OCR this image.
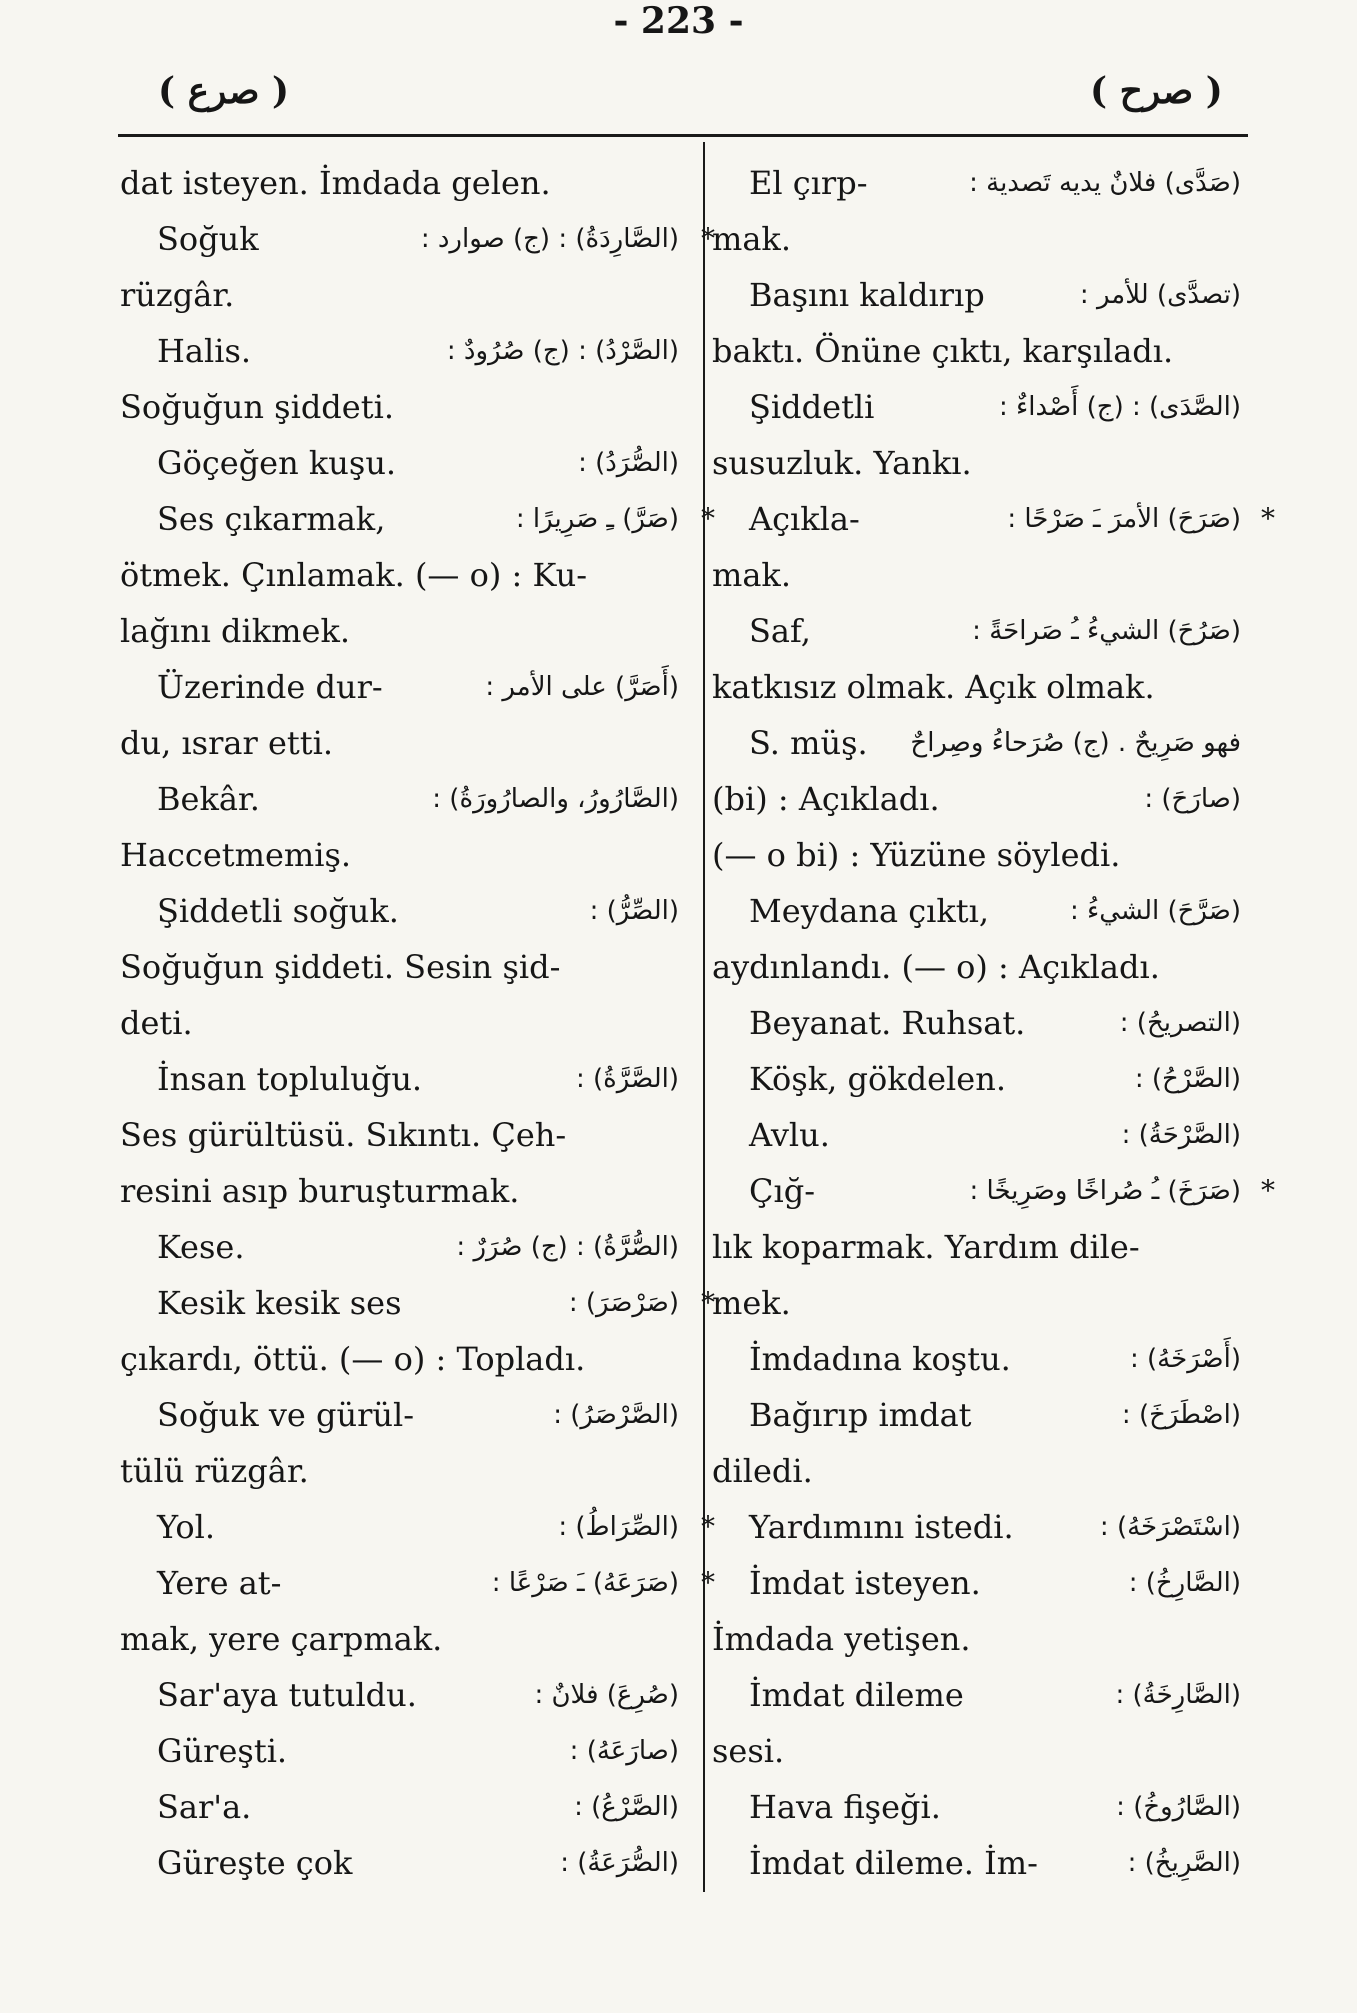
( صرع )
- 223 -
( صرح )
dat isteyen. İmdada gelen.
Soğuk	(الصَّارِدَةُ) : (ج) صوارد : *
rüzgâr.
Halis.	(الصَّرْدُ) : (ج) صُرُودٌ :
Soğuğun şiddeti.
Göçeğen kuşu.	(الصُّرَدُ) :
Ses çıkarmak,	(صَرَّ) ـِ صَرِيرًا : *
ötmek. Çınlamak. (— o) : Ku-
lağını dikmek.
Üzerinde dur-	(أَصَرَّ) على الأمر :
du, ısrar etti.
Bekâr.	(الصَّارُورُ، والصارُورَةُ) :
Haccetmemiş.
Şiddetli soğuk.	(الصِّرُّ) :
Soğuğun şiddeti. Sesin şid-
deti.
İnsan topluluğu.	(الصَّرَّةُ) :
Ses gürültüsü. Sıkıntı. Çeh-
resini asıp buruşturmak.
Kese.	(الصُّرَّةُ) : (ج) صُرَرٌ :
Kesik kesik ses	(صَرْصَرَ) : *
çıkardı, öttü. (— o) : Topladı.
Soğuk ve gürül-	(الصَّرْصَرُ) :
tülü rüzgâr.
Yol.	(الصِّرَاطُ) : *
Yere at-	(صَرَعَهُ) ـَ صَرْعًا : *
mak, yere çarpmak.
Sar'aya tutuldu.	(صُرِعَ) فلانٌ :
Güreşti.	(صارَعَهُ) :
Sar'a.	(الصَّرْعُ) :
Güreşte çok	(الصُّرَعَةُ) :
El çırp-	(صَدَّى) فلانٌ يديه تَصدية :
mak.
Başını kaldırıp	(تصدَّى) للأمر :
baktı. Önüne çıktı, karşıladı.
Şiddetli	(الصَّدَى) : (ج) أَصْداءٌ :
susuzluk. Yankı.
Açıkla-	(صَرَحَ) الأمرَ ـَ صَرْحًا : *
mak.
Saf,	(صَرُحَ) الشيءُ ـُ صَراحَةً :
katkısız olmak. Açık olmak.
S. müş. فهو صَرِيحٌ . (ج) صُرَحاءُ وصِراحٌ
(bi) : Açıkladı.	(صارَحَ) :
(— o bi) : Yüzüne söyledi.
Meydana çıktı,	(صَرَّحَ) الشيءُ :
aydınlandı. (— o) : Açıkladı.
Beyanat. Ruhsat.	(التصريحُ) :
Köşk, gökdelen.	(الصَّرْحُ) :
Avlu.	(الصَّرْحَةُ) :
Çığ-	(صَرَخَ) ـُ صُراخًا وصَرِيخًا : *
lık koparmak. Yardım dile-
mek.
İmdadına koştu.	(أَصْرَخَهُ) :
Bağırıp imdat	(اصْطَرَخَ) :
diledi.
Yardımını istedi.	(اسْتَصْرَخَهُ) :
İmdat isteyen.	(الصَّارِخُ) :
İmdada yetişen.
İmdat dileme	(الصَّارِخَةُ) :
sesi.
Hava fişeği.	(الصَّارُوخُ) :
İmdat dileme. İm-	(الصَّرِيخُ) :
